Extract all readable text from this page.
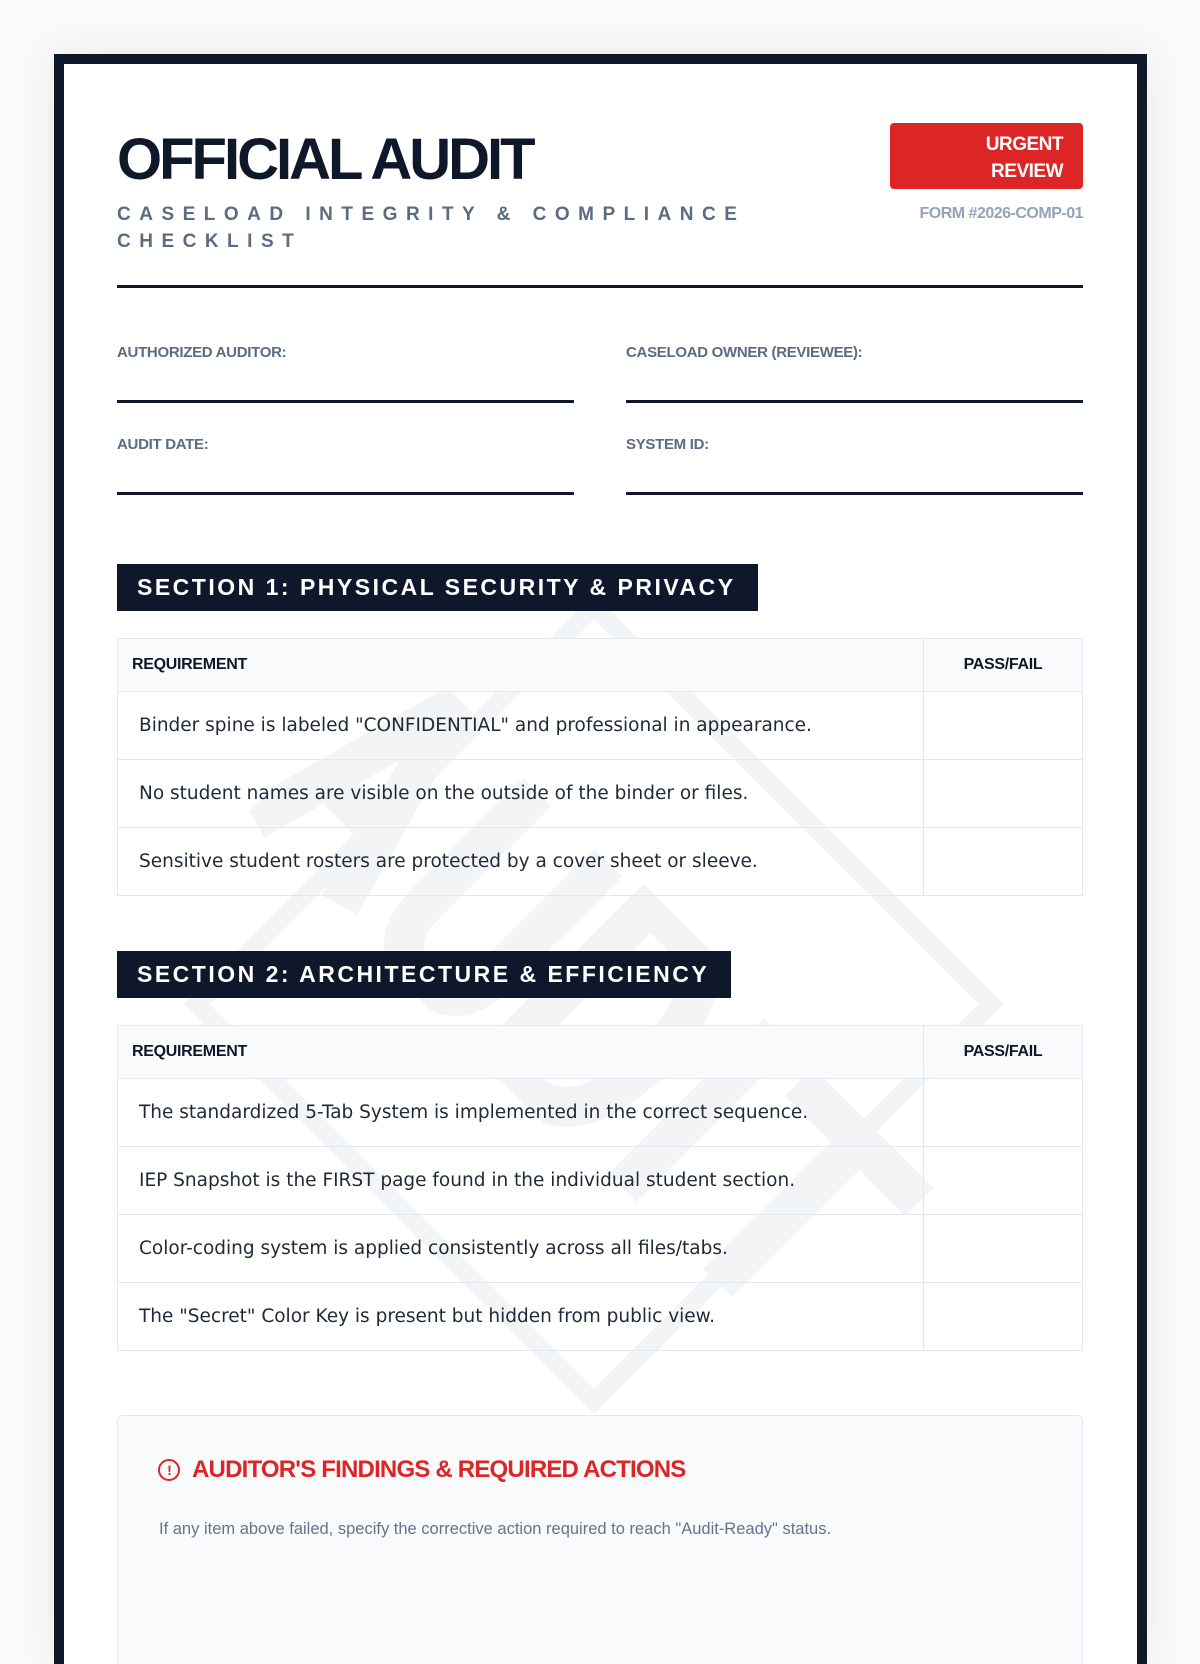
OFFICIAL AUDIT
CASELOAD INTEGRITY & COMPLIANCE CHECKLIST
URGENT REVIEW
FORM #2026-COMP-01
AUTHORIZED AUDITOR:	CASELOAD OWNER (REVIEWEE):
AUDIT DATE:	SYSTEM ID:
SECTION 1: PHYSICAL SECURITY & PRIVACY
REQUIREMENT	PASS/FAIL
Binder spine is labeled "CONFIDENTIAL" and professional in appearance.	
No student names are visible on the outside of the binder or files.	
Sensitive student rosters are protected by a cover sheet or sleeve.	
SECTION 2: ARCHITECTURE & EFFICIENCY
REQUIREMENT	PASS/FAIL
The standardized 5-Tab System is implemented in the correct sequence.	
IEP Snapshot is the FIRST page found in the individual student section.	
Color-coding system is applied consistently across all files/tabs.	
The "Secret" Color Key is present but hidden from public view.	
! AUDITOR'S FINDINGS & REQUIRED ACTIONS
If any item above failed, specify the corrective action required to reach "Audit-Ready" status.
